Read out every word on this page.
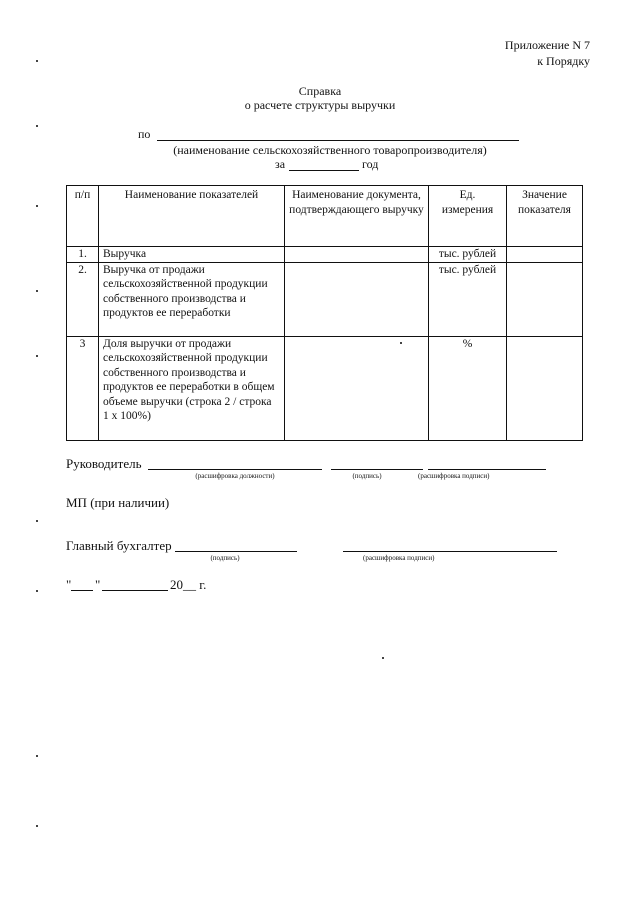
Приложение N 7
к Порядку
Справка
о расчете структуры выручки
по
(наименование сельскохозяйственного товаропроизводителя)
за	год
п/п	Наименование показателей	Наименование документа, подтверждающего выручку	Ед. измерения	Значение показателя
1.	Выручка		тыс. рублей	
2.	Выручка от продажи сельскохозяйственной продукции собственного производства и продуктов ее переработки		тыс. рублей	
3	Доля выручки от продажи сельскохозяйственной продукции собственного производства и продуктов ее переработки в общем объеме выручки (строка 2 / строка 1 х 100%)		%	
Руководитель
(расшифровка должности)	(подпись)	(расшифровка подписи)
МП (при наличии)
Главный бухгалтер
(подпись)	(расшифровка подписи)
" "	20__ г.
